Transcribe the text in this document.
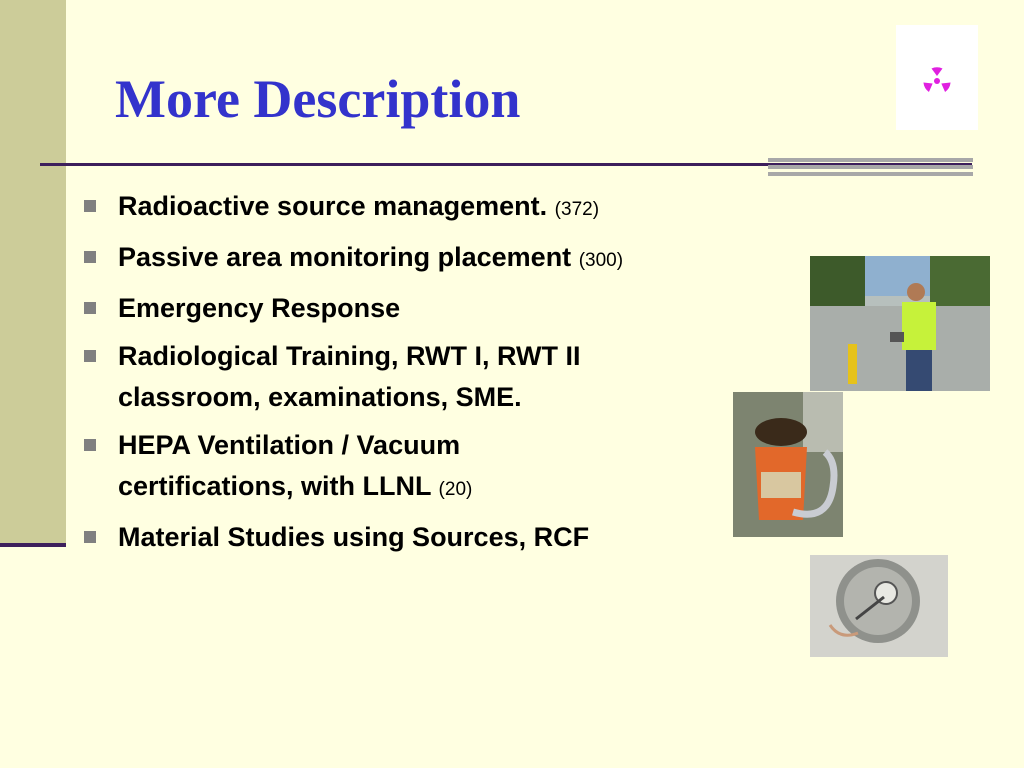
More Description
Radioactive source management. (372)
Passive area monitoring placement (300)
Emergency Response
Radiological Training, RWT I, RWT II classroom, examinations, SME.
HEPA Ventilation / Vacuum certifications, with LLNL (20)
Material Studies using Sources, RCF
